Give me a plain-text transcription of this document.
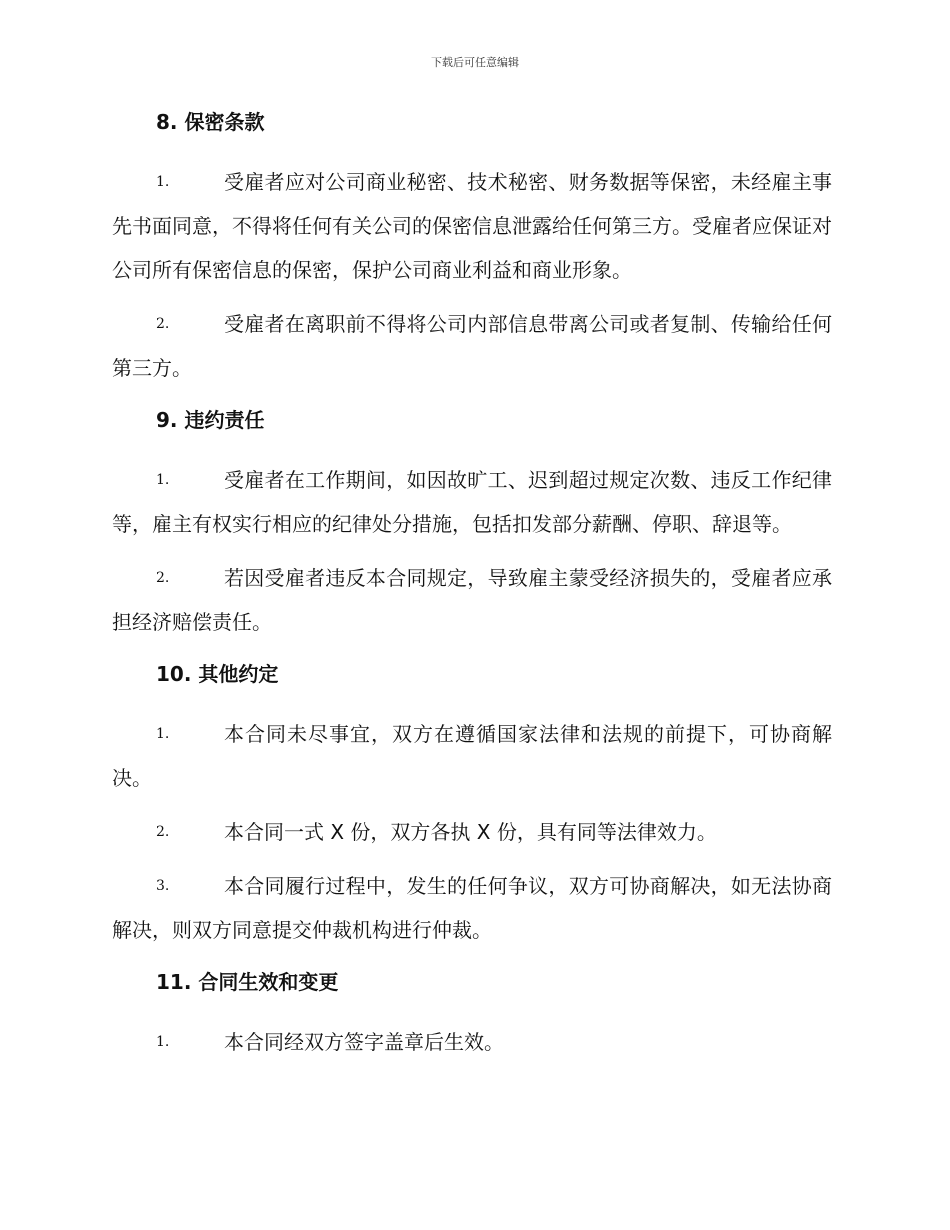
下载后可任意编辑
8. 保密条款
1.	受雇者应对公司商业秘密、技术秘密、财务数据等保密，未经雇主事先书面同意，不得将任何有关公司的保密信息泄露给任何第三方。受雇者应保证对公司所有保密信息的保密，保护公司商业利益和商业形象。
2.	受雇者在离职前不得将公司内部信息带离公司或者复制、传输给任何第三方。
9. 违约责任
1.	受雇者在工作期间，如因故旷工、迟到超过规定次数、违反工作纪律等，雇主有权实行相应的纪律处分措施，包括扣发部分薪酬、停职、辞退等。
2.	若因受雇者违反本合同规定，导致雇主蒙受经济损失的，受雇者应承担经济赔偿责任。
10. 其他约定
1.	本合同未尽事宜，双方在遵循国家法律和法规的前提下，可协商解决。
2.	本合同一式 X 份，双方各执 X 份，具有同等法律效力。
3.	本合同履行过程中，发生的任何争议，双方可协商解决，如无法协商解决，则双方同意提交仲裁机构进行仲裁。
11. 合同生效和变更
1.	本合同经双方签字盖章后生效。
